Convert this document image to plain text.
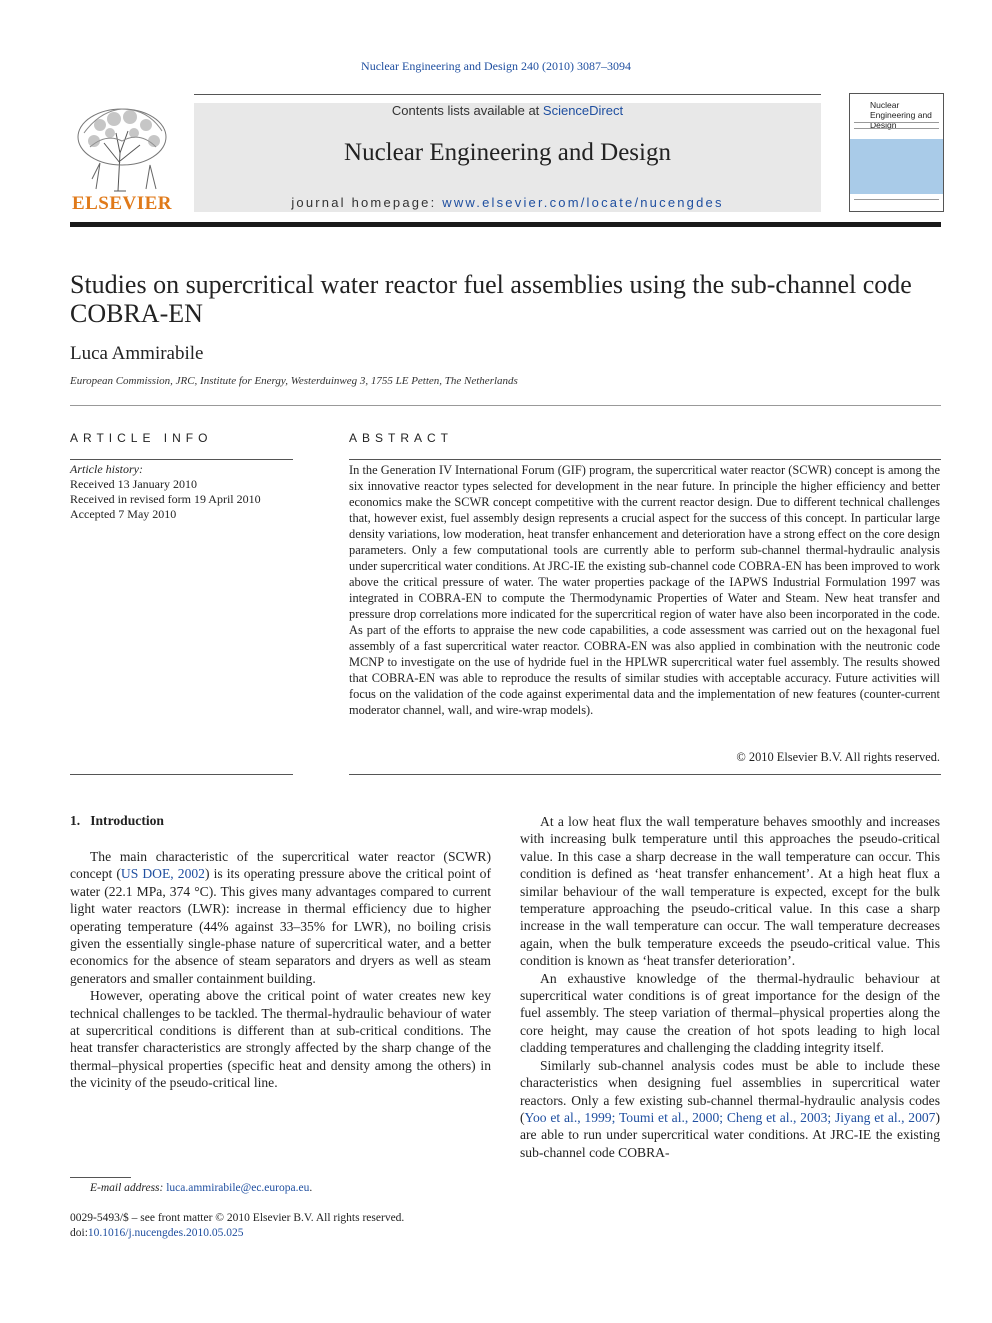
Nuclear Engineering and Design 240 (2010) 3087–3094
ELSEVIER
Contents lists available at ScienceDirect
Nuclear Engineering and Design
journal homepage: www.elsevier.com/locate/nucengdes
Nuclear Engineering and Design
Studies on supercritical water reactor fuel assemblies using the sub-channel code COBRA-EN
Luca Ammirabile
European Commission, JRC, Institute for Energy, Westerduinweg 3, 1755 LE Petten, The Netherlands
ARTICLE INFO
Article history:
Received 13 January 2010
Received in revised form 19 April 2010
Accepted 7 May 2010
ABSTRACT
In the Generation IV International Forum (GIF) program, the supercritical water reactor (SCWR) concept is among the six innovative reactor types selected for development in the near future. In principle the higher efficiency and better economics make the SCWR concept competitive with the current reactor design. Due to different technical challenges that, however exist, fuel assembly design represents a crucial aspect for the success of this concept. In particular large density variations, low moderation, heat transfer enhancement and deterioration have a strong effect on the core design parameters. Only a few computational tools are currently able to perform sub-channel thermal-hydraulic analysis under supercritical water conditions. At JRC-IE the existing sub-channel code COBRA-EN has been improved to work above the critical pressure of water. The water properties package of the IAPWS Industrial Formulation 1997 was integrated in COBRA-EN to compute the Thermodynamic Properties of Water and Steam. New heat transfer and pressure drop correlations more indicated for the supercritical region of water have also been incorporated in the code. As part of the efforts to appraise the new code capabilities, a code assessment was carried out on the hexagonal fuel assembly of a fast supercritical water reactor. COBRA-EN was also applied in combination with the neutronic code MCNP to investigate on the use of hydride fuel in the HPLWR supercritical water fuel assembly. The results showed that COBRA-EN was able to reproduce the results of similar studies with acceptable accuracy. Future activities will focus on the validation of the code against experimental data and the implementation of new features (counter-current moderator channel, wall, and wire-wrap models).
© 2010 Elsevier B.V. All rights reserved.
1. Introduction

The main characteristic of the supercritical water reactor (SCWR) concept (US DOE, 2002) is its operating pressure above the critical point of water (22.1 MPa, 374 °C). This gives many advantages compared to current light water reactors (LWR): increase in thermal efficiency due to higher operating temperature (44% against 33–35% for LWR), no boiling crisis given the essentially single-phase nature of supercritical water, and a better economics for the absence of steam separators and dryers as well as steam generators and smaller containment building.

However, operating above the critical point of water creates new key technical challenges to be tackled. The thermal-hydraulic behaviour of water at supercritical conditions is different than at sub-critical conditions. The heat transfer characteristics are strongly affected by the sharp change of the thermal–physical properties (specific heat and density among the others) in the vicinity of the pseudo-critical line.

At a low heat flux the wall temperature behaves smoothly and increases with increasing bulk temperature until this approaches the pseudo-critical value. In this case a sharp decrease in the wall temperature can occur. This condition is defined as ‘heat transfer enhancement’. At a high heat flux a similar behaviour of the wall temperature is expected, except for the bulk temperature approaching the pseudo-critical value. In this case a sharp increase in the wall temperature can occur. The wall temperature decreases again, when the bulk temperature exceeds the pseudo-critical value. This condition is known as ‘heat transfer deterioration’.

An exhaustive knowledge of the thermal-hydraulic behaviour at supercritical water conditions is of great importance for the design of the fuel assembly. The steep variation of thermal–physical properties along the core height, may cause the creation of hot spots leading to high local cladding temperatures and challenging the cladding integrity itself.

Similarly sub-channel analysis codes must be able to include these characteristics when designing fuel assemblies in supercritical water reactors. Only a few existing sub-channel thermal-hydraulic analysis codes (Yoo et al., 1999; Toumi et al., 2000; Cheng et al., 2003; Jiyang et al., 2007) are able to run under supercritical water conditions. At JRC-IE the existing sub-channel code COBRA-

E-mail address: luca.ammirabile@ec.europa.eu.
0029-5493/$ – see front matter © 2010 Elsevier B.V. All rights reserved.
doi:10.1016/j.nucengdes.2010.05.025
